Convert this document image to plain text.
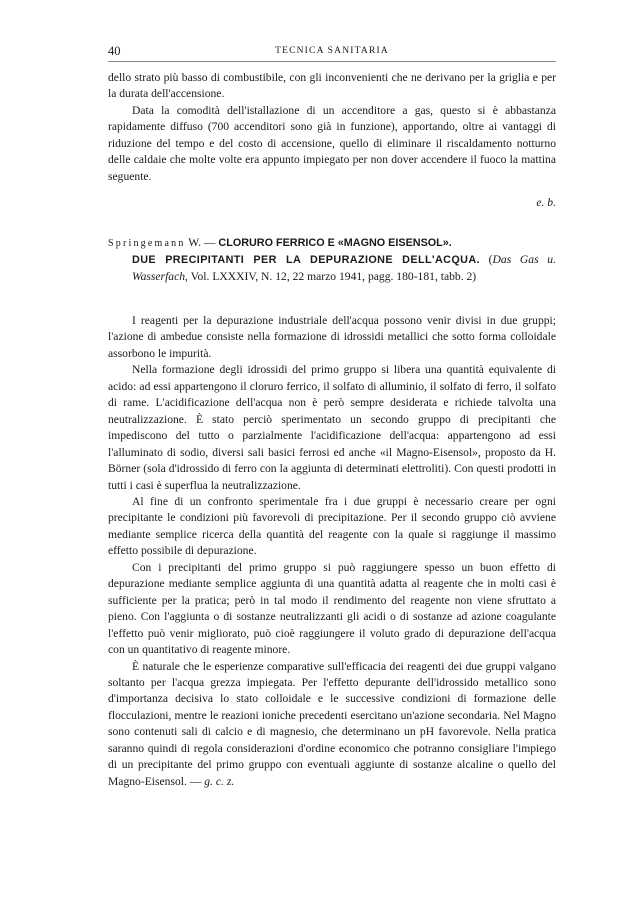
40	TECNICA SANITARIA

dello strato più basso di combustibile, con gli inconvenienti che ne derivano per la griglia e per la durata dell'accensione.

Data la comodità dell'istallazione di un accenditore a gas, questo si è abbastanza rapidamente diffuso (700 accenditori sono già in funzione), apportando, oltre ai vantaggi di riduzione del tempo e del costo di accensione, quello di eliminare il riscaldamento notturno delle caldaie che molte volte era appunto impiegato per non dover accendere il fuoco la mattina seguente.

e. b.
Springemann W. — CLORURO FERRICO E «MAGNO EISENSOL».
DUE PRECIPITANTI PER LA DEPURAZIONE DELL'ACQUA. (Das Gas u. Wasserfach, Vol. LXXXIV, N. 12, 22 marzo 1941, pagg. 180-181, tabb. 2)

I reagenti per la depurazione industriale dell'acqua possono venir divisi in due gruppi; l'azione di ambedue consiste nella formazione di idrossidi metallici che sotto forma colloidale assorbono le impurità.

Nella formazione degli idrossidi del primo gruppo si libera una quantità equivalente di acido: ad essi appartengono il cloruro ferrico, il solfato di alluminio, il solfato di ferro, il solfato di rame. L'acidificazione dell'acqua non è però sempre desiderata e richiede talvolta una neutralizzazione. È stato perciò sperimentato un secondo gruppo di precipitanti che impediscono del tutto o parzialmente l'acidificazione dell'acqua: appartengono ad essi l'alluminato di sodio, diversi sali basici ferrosi ed anche «il Magno-Eisensol», proposto da H. Börner (sola d'idrossido di ferro con la aggiunta di determinati elettroliti). Con questi prodotti in tutti i casi è superflua la neutralizzazione.

Al fine di un confronto sperimentale fra i due gruppi è necessario creare per ogni precipitante le condizioni più favorevoli di precipitazione. Per il secondo gruppo ciò avviene mediante semplice ricerca della quantità del reagente con la quale si raggiunge il massimo effetto possibile di depurazione.

Con i precipitanti del primo gruppo si può raggiungere spesso un buon effetto di depurazione mediante semplice aggiunta di una quantità adatta al reagente che in molti casi è sufficiente per la pratica; però in tal modo il rendimento del reagente non viene sfruttato a pieno. Con l'aggiunta o di sostanze neutralizzanti gli acidi o di sostanze ad azione coagulante l'effetto può venir migliorato, può cioè raggiungere il voluto grado di depurazione dell'acqua con un quantitativo di reagente minore.

È naturale che le esperienze comparative sull'efficacia dei reagenti dei due gruppi valgano soltanto per l'acqua grezza impiegata. Per l'effetto depurante dell'idrossido metallico sono d'importanza decisiva lo stato colloidale e le successive condizioni di formazione delle flocculazioni, mentre le reazioni ioniche precedenti esercitano un'azione secondaria. Nel Magno sono contenuti sali di calcio e di magnesio, che determinano un pH favorevole. Nella pratica saranno quindi di regola considerazioni d'ordine economico che potranno consigliare l'impiego di un precipitante del primo gruppo con eventuali aggiunte di sostanze alcaline o quello del Magno-Eisensol. — g. c. z.
